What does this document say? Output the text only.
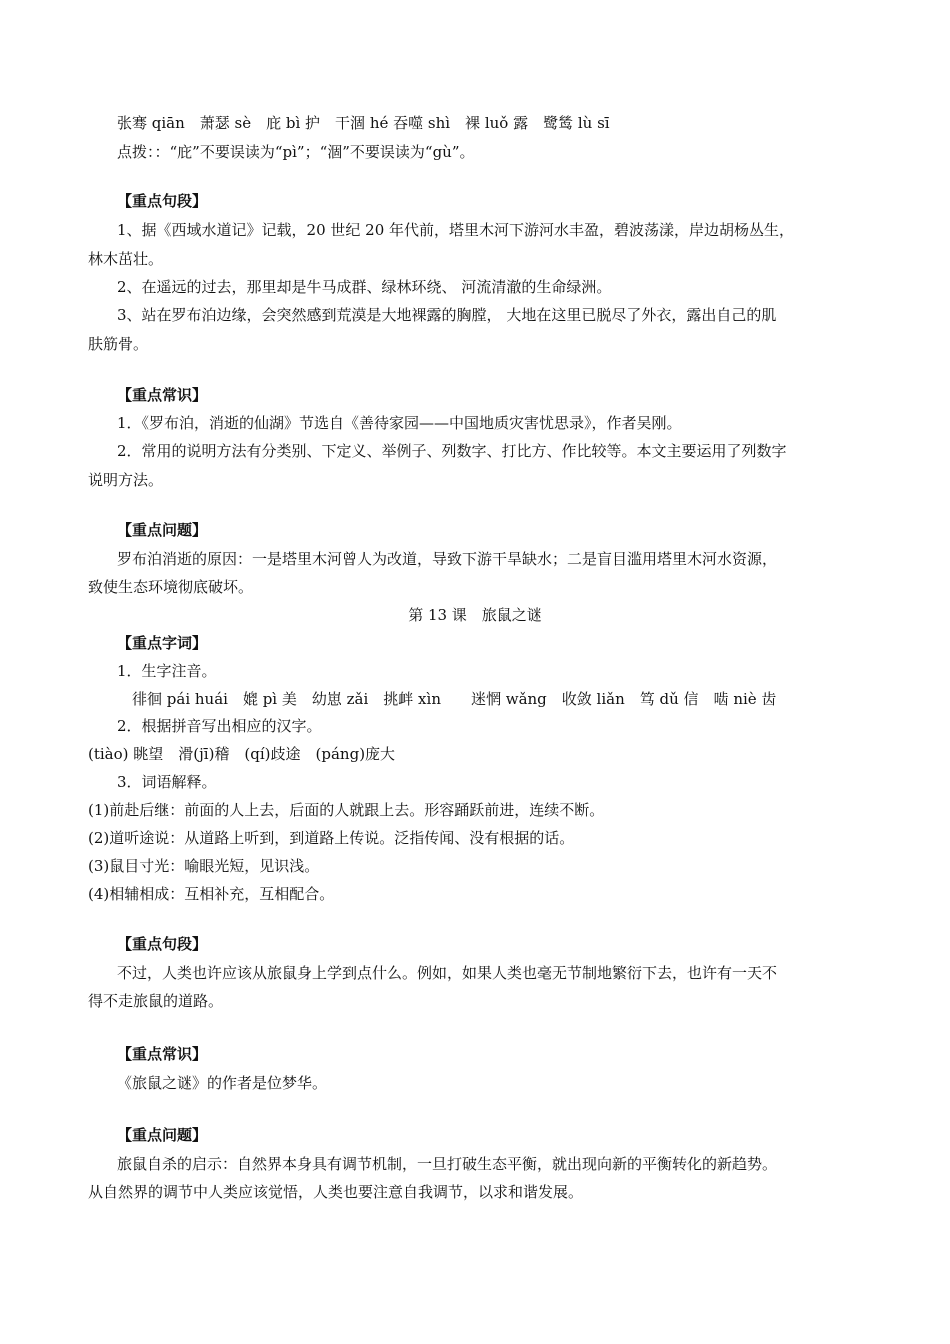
张骞 qiān　萧瑟 sè　庇 bì 护　干涸 hé 吞噬 shì　裸 luǒ 露　鹭鸶 lù sī
点拨：：“庇”不要误读为“pì”；“涸”不要误读为“gù”。
【重点句段】
1、据《西域水道记》记载，20 世纪 20 年代前，塔里木河下游河水丰盈，碧波荡漾，岸边胡杨丛生，
林木茁壮。
2、在遥远的过去，那里却是牛马成群、绿林环绕、 河流清澈的生命绿洲。
3、站在罗布泊边缘，会突然感到荒漠是大地裸露的胸膛， 大地在这里已脱尽了外衣，露出自己的肌
肤筋骨。
【重点常识】
1．《罗布泊，消逝的仙湖》节选自《善待家园——中国地质灾害忧思录》，作者吴刚。
2．常用的说明方法有分类别、下定义、举例子、列数字、打比方、作比较等。本文主要运用了列数字
说明方法。
【重点问题】
罗布泊消逝的原因：一是塔里木河曾人为改道，导致下游干旱缺水；二是盲目滥用塔里木河水资源，
致使生态环境彻底破坏。
第 13 课　旅鼠之谜
【重点字词】
1．生字注音。
徘徊 pái huái　媲 pì 美　幼崽 zǎi　挑衅 xìn　　迷惘 wǎng　收敛 liǎn　笃 dǔ 信　啮 niè 齿
2．根据拼音写出相应的汉字。
(tiào) 眺望　滑(jī)稽　(qí)歧途　(páng)庞大
3．词语解释。
(1)前赴后继：前面的人上去，后面的人就跟上去。形容踊跃前进，连续不断。
(2)道听途说：从道路上听到，到道路上传说。泛指传闻、没有根据的话。
(3)鼠目寸光：喻眼光短，见识浅。
(4)相辅相成：互相补充，互相配合。
【重点句段】
不过，人类也许应该从旅鼠身上学到点什么。例如，如果人类也毫无节制地繁衍下去，也许有一天不
得不走旅鼠的道路。
【重点常识】
《旅鼠之谜》的作者是位梦华。
【重点问题】
旅鼠自杀的启示：自然界本身具有调节机制，一旦打破生态平衡，就出现向新的平衡转化的新趋势。
从自然界的调节中人类应该觉悟，人类也要注意自我调节，以求和谐发展。
